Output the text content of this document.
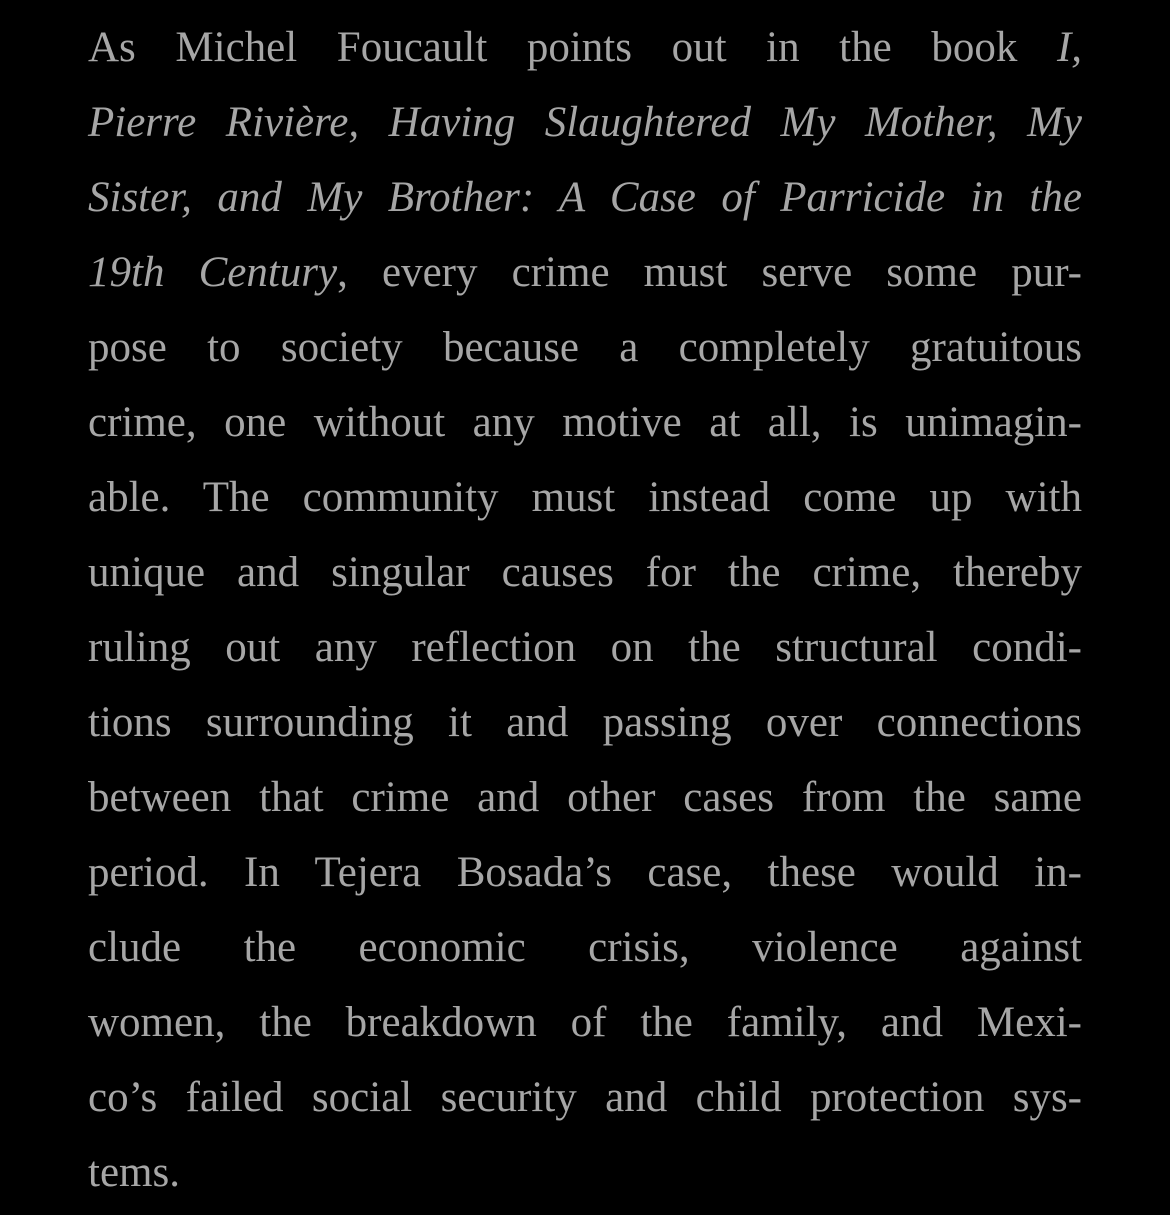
As Michel Foucault points out in the book I,
Pierre Rivière, Having Slaughtered My Mother, My
Sister, and My Brother: A Case of Parricide in the
19th Century, every crime must serve some pur-
pose to society because a completely gratuitous
crime, one without any motive at all, is unimagin-
able. The community must instead come up with
unique and singular causes for the crime, thereby
ruling out any reflection on the structural condi-
tions surrounding it and passing over connections
between that crime and other cases from the same
period. In Tejera Bosada’s case, these would in-
clude the economic crisis, violence against
women, the breakdown of the family, and Mexi-
co’s failed social security and child protection sys-
tems.
